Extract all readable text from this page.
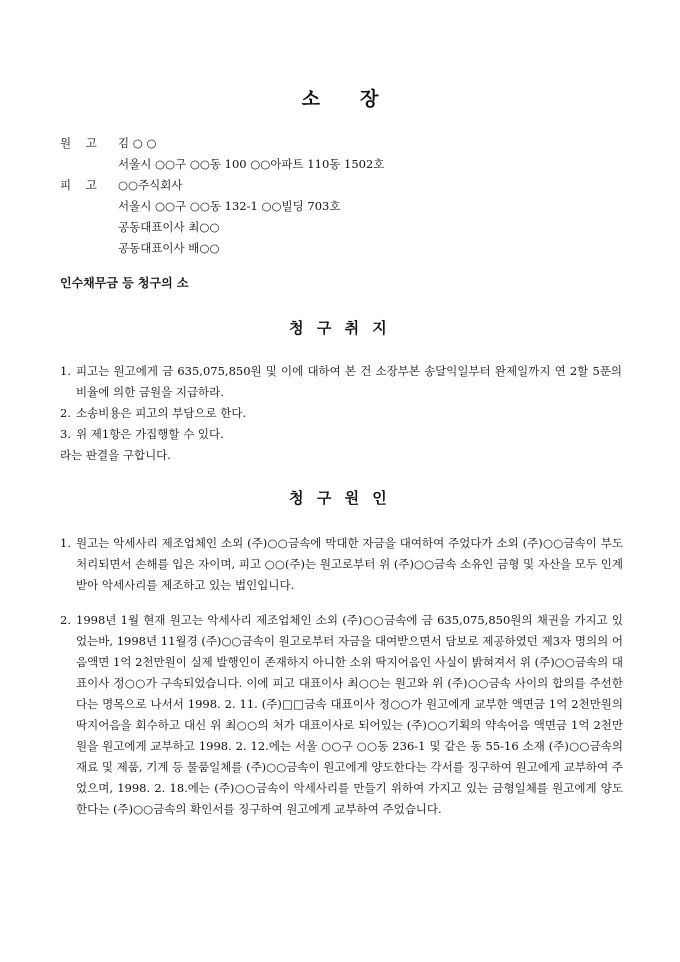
소 장
원    고 김 ○ ○
서울시 ○○구 ○○동 100 ○○아파트 110동 1502호
피    고 ○○주식회사
서울시 ○○구 ○○동 132-1 ○○빌딩 703호
공동대표이사 최○○
공동대표이사 배○○
인수채무금 등 청구의 소
청 구 취 지
1. 피고는 원고에게 금 635,075,850원 및 이에 대하여 본 건 소장부본 송달익일부터 완제일까지 연 2할 5푼의 비율에 의한 금원을 지급하라.
2. 소송비용은 피고의 부담으로 한다.
3. 위 제1항은 가집행할 수 있다.
라는 판결을 구합니다.
청 구 원 인
1. 원고는 악세사리 제조업체인 소외 (주)○○금속에 막대한 자금을 대여하여 주었다가 소외 (주)○○금속이 부도처리되면서 손해를 입은 자이며, 피고 ○○(주)는 원고로부터 위 (주)○○금속 소유인 금형 및 자산을 모두 인계받아 악세사리를 제조하고 있는 법인입니다.
2. 1998년 1월 현재 원고는 악세사리 제조업체인 소외 (주)○○금속에 금 635,075,850원의 채권을 가지고 있었는바, 1998년 11월경 (주)○○금속이 원고로부터 자금을 대여받으면서 담보로 제공하였던 제3자 명의의 어음액면 1억 2천만원이 실제 발행인이 존재하지 아니한 소위 딱지어음인 사실이 밝혀져서 위 (주)○○금속의 대표이사 정○○가 구속되었습니다. 이에 피고 대표이사 최○○는 원고와 위 (주)○○금속 사이의 합의를 주선한다는 명목으로 나서서 1998. 2. 11. (주)□□금속 대표이사 정○○가 원고에게 교부한 액면금 1억 2천만원의 딱지어음을 회수하고 대신 위 최○○의 처가 대표이사로 되어있는 (주)○○기획의 약속어음 액면금 1억 2천만원을 원고에게 교부하고 1998. 2. 12.에는 서울 ○○구 ○○동 236-1 및 같은 동 55-16 소재 (주)○○금속의 재료 및 제품, 기계 등 물품일체를 (주)○○금속이 원고에게 양도한다는 각서를 징구하여 원고에게 교부하여 주었으며, 1998. 2. 18.에는 (주)○○금속이 악세사리를 만들기 위하여 가지고 있는 금형일체를 원고에게 양도한다는 (주)○○금속의 확인서를 징구하여 원고에게 교부하여 주었습니다.
